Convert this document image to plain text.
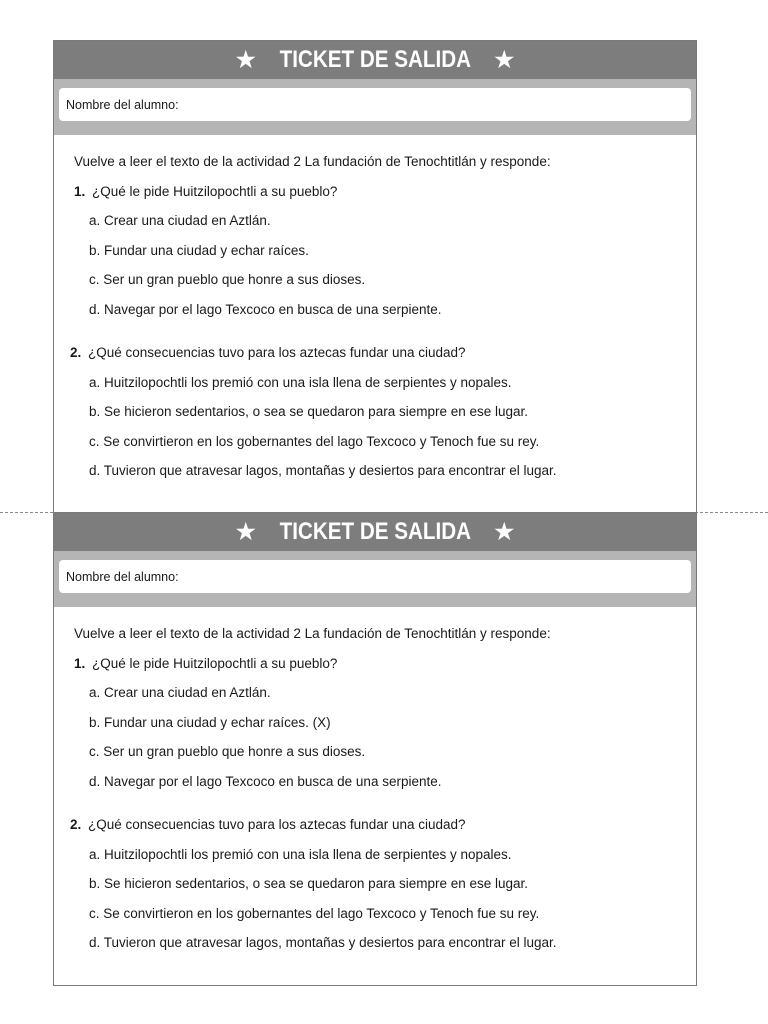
★ TICKET DE SALIDA ★
Nombre del alumno:
Vuelve a leer el texto de la actividad 2 La fundación de Tenochtitlán y responde:
1. ¿Qué le pide Huitzilopochtli a su pueblo?
a. Crear una ciudad en Aztlán.
b. Fundar una ciudad y echar raíces.
c. Ser un gran pueblo que honre a sus dioses.
d. Navegar por el lago Texcoco en busca de una serpiente.
2. ¿Qué consecuencias tuvo para los aztecas fundar una ciudad?
a. Huitzilopochtli los premió con una isla llena de serpientes y nopales.
b. Se hicieron sedentarios, o sea se quedaron para siempre en ese lugar.
c. Se convirtieron en los gobernantes del lago Texcoco y Tenoch fue su rey.
d. Tuvieron que atravesar lagos, montañas y desiertos para encontrar el lugar.
★ TICKET DE SALIDA ★
Nombre del alumno:
Vuelve a leer el texto de la actividad 2 La fundación de Tenochtitlán y responde:
1. ¿Qué le pide Huitzilopochtli a su pueblo?
a. Crear una ciudad en Aztlán.
b. Fundar una ciudad y echar raíces. (X)
c. Ser un gran pueblo que honre a sus dioses.
d. Navegar por el lago Texcoco en busca de una serpiente.
2. ¿Qué consecuencias tuvo para los aztecas fundar una ciudad?
a. Huitzilopochtli los premió con una isla llena de serpientes y nopales.
b. Se hicieron sedentarios, o sea se quedaron para siempre en ese lugar.
c. Se convirtieron en los gobernantes del lago Texcoco y Tenoch fue su rey.
d. Tuvieron que atravesar lagos, montañas y desiertos para encontrar el lugar.
